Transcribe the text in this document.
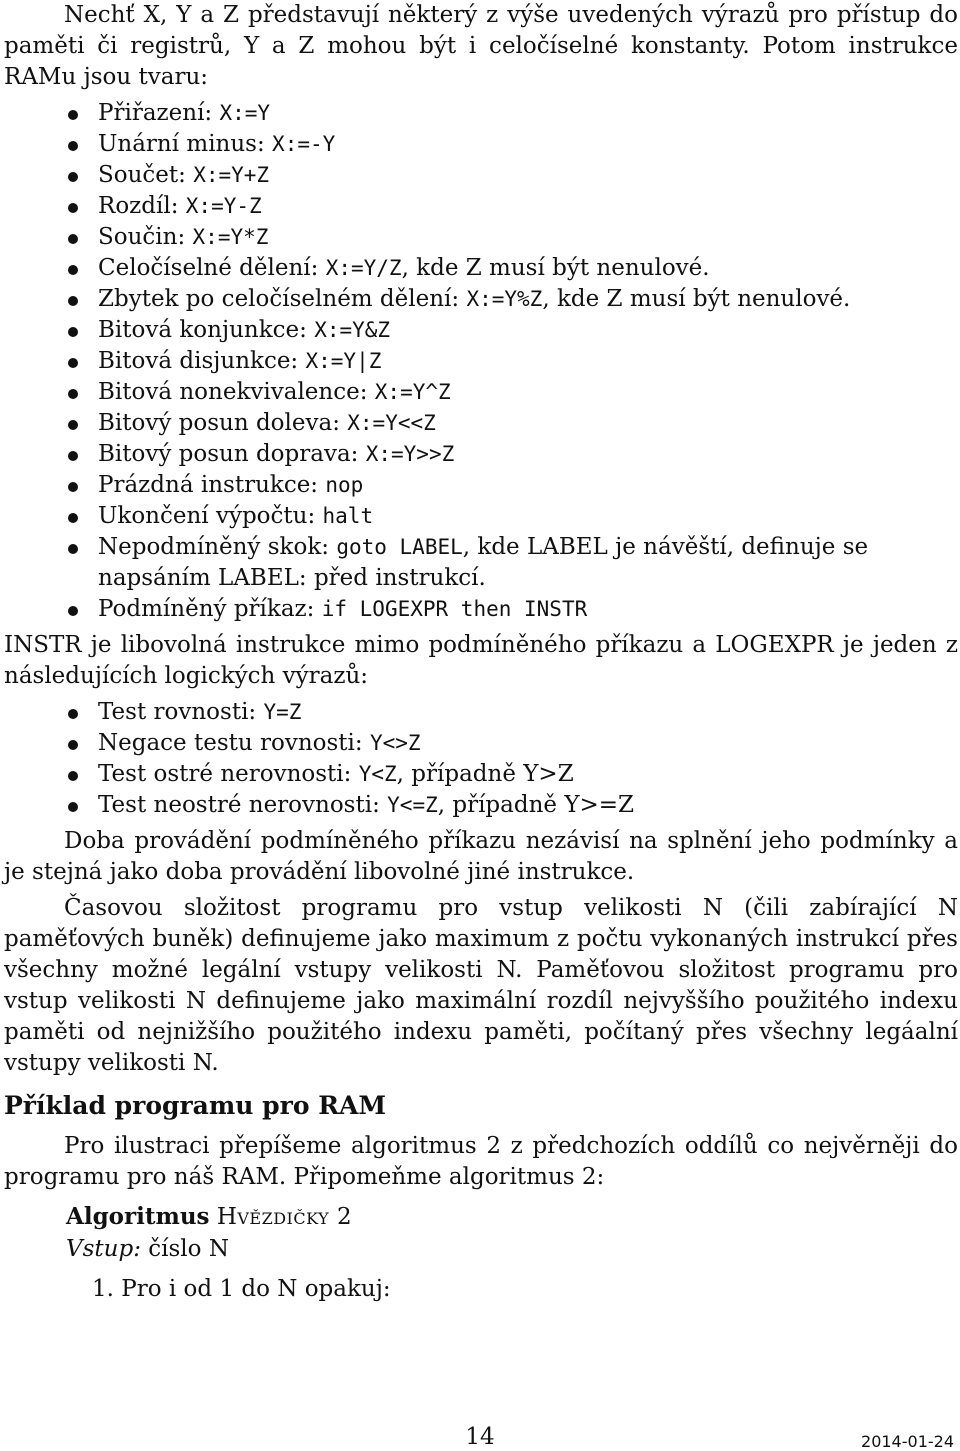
Nechť X, Y a Z představují některý z výše uvedených výrazů pro přístup do paměti či registrů, Y a Z mohou být i celočíselné konstanty. Potom instrukce RAMu jsou tvaru:

Přiřazení: X:=Y
Unární minus: X:=-Y
Součet: X:=Y+Z
Rozdíl: X:=Y-Z
Součin: X:=Y*Z
Celočíselné dělení: X:=Y/Z, kde Z musí být nenulové.
Zbytek po celočíselném dělení: X:=Y%Z, kde Z musí být nenulové.
Bitová konjunkce: X:=Y&Z
Bitová disjunkce: X:=Y|Z
Bitová nonekvivalence: X:=Y^Z
Bitový posun doleva: X:=Y<<Z
Bitový posun doprava: X:=Y>>Z
Prázdná instrukce: nop
Ukončení výpočtu: halt
Nepodmíněný skok: goto LABEL, kde LABEL je návěští, definuje se napsáním LABEL: před instrukcí.
Podmíněný příkaz: if LOGEXPR then INSTR

INSTR je libovolná instrukce mimo podmíněného příkazu a LOGEXPR je jeden z následujících logických výrazů:

Test rovnosti: Y=Z
Negace testu rovnosti: Y<>Z
Test ostré nerovnosti: Y<Z, případně Y>Z
Test neostré nerovnosti: Y<=Z, případně Y>=Z

Doba provádění podmíněného příkazu nezávisí na splnění jeho podmínky a je stejná jako doba provádění libovolné jiné instrukce.

Časovou složitost programu pro vstup velikosti N (čili zabírající N paměťových buněk) definujeme jako maximum z počtu vykonaných instrukcí přes všechny možné legální vstupy velikosti N. Paměťovou složitost programu pro vstup velikosti N definujeme jako maximální rozdíl nejvyššího použitého indexu paměti od nejnižšího použitého indexu paměti, počítaný přes všechny legáalní vstupy velikosti N.

Příklad programu pro RAM

Pro ilustraci přepíšeme algoritmus 2 z předchozích oddílů co nejvěrněji do programu pro náš RAM. Připomeňme algoritmus 2:

Algoritmus Hvězdičky 2
Vstup: číslo N
1. Pro i od 1 do N opakuj:
14	2014-01-24
